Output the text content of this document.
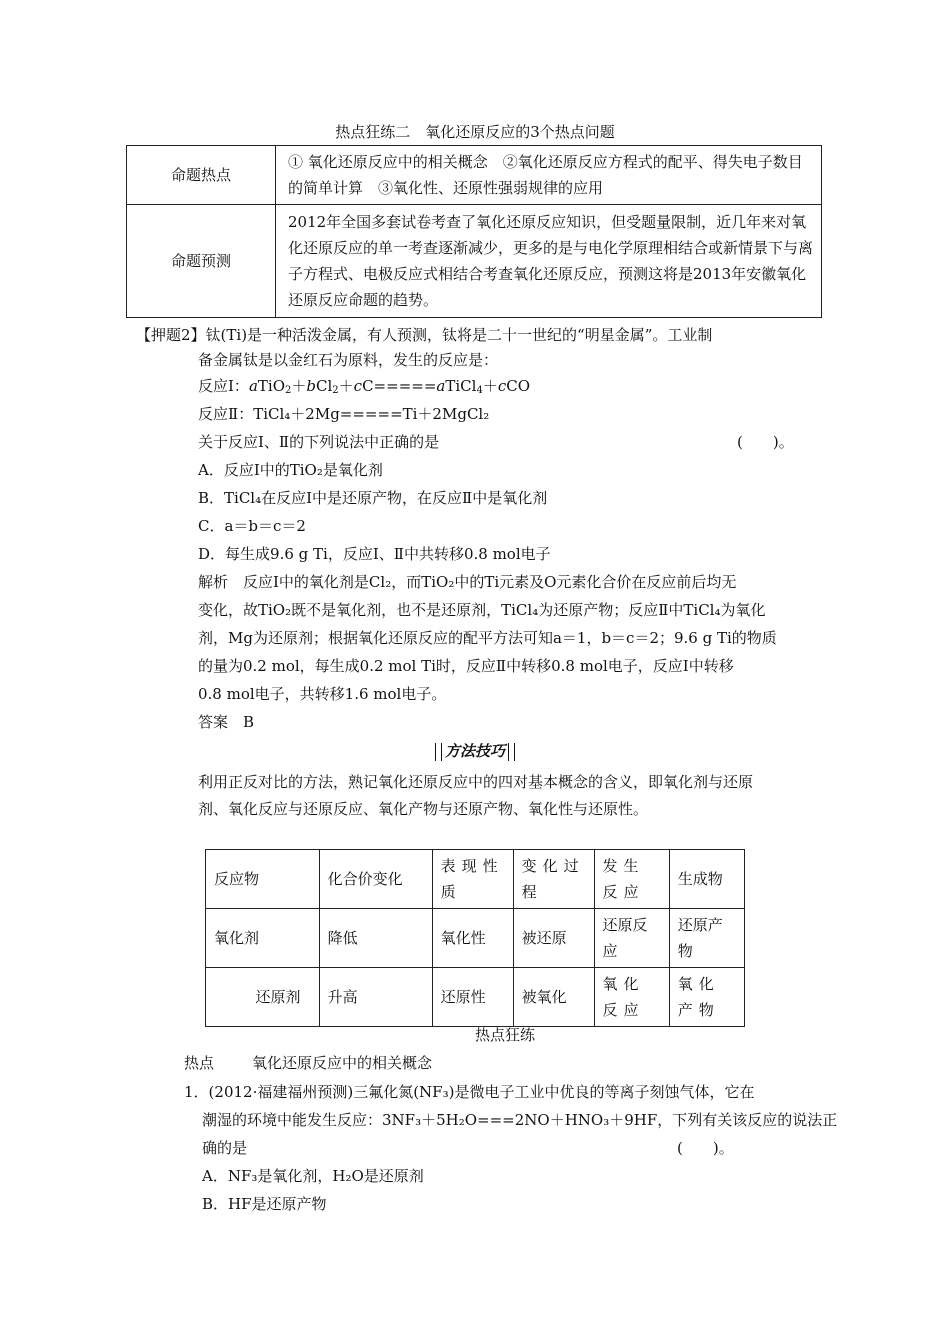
热点狂练二　氧化还原反应的3个热点问题
命题热点	① 氧化还原反应中的相关概念　②氧化还原反应方程式的配平、得失电子数目的简单计算　③氧化性、还原性强弱规律的应用
命题预测	2012年全国多套试卷考查了氧化还原反应知识，但受题量限制，近几年来对氧化还原反应的单一考查逐渐减少，更多的是与电化学原理相结合或新情景下与离子方程式、电极反应式相结合考查氧化还原反应，预测这将是2013年安徽氧化还原反应命题的趋势。
【押题2】钛(Ti)是一种活泼金属，有人预测，钛将是二十一世纪的“明星金属”。工业制
备金属钛是以金红石为原料，发生的反应是：
反应Ⅰ：aTiO$_2$＋bCl$_2$＋cC=====aTiCl$_4$＋cCO
反应Ⅱ：TiCl₄＋2Mg=====Ti＋2MgCl₂
关于反应Ⅰ、Ⅱ的下列说法中正确的是	(　　)。
A．反应Ⅰ中的TiO₂是氧化剂
B．TiCl₄在反应Ⅰ中是还原产物，在反应Ⅱ中是氧化剂
C．a＝b＝c＝2
D．每生成9.6 g Ti，反应Ⅰ、Ⅱ中共转移0.8 mol电子
解析　反应Ⅰ中的氧化剂是Cl₂，而TiO₂中的Ti元素及O元素化合价在反应前后均无
变化，故TiO₂既不是氧化剂，也不是还原剂，TiCl₄为还原产物；反应Ⅱ中TiCl₄为氧化
剂，Mg为还原剂；根据氧化还原反应的配平方法可知a＝1，b＝c＝2；9.6 g Ti的物质
的量为0.2 mol，每生成0.2 mol Ti时，反应Ⅱ中转移0.8 mol电子，反应Ⅰ中转移
0.8 mol电子，共转移1.6 mol电子。
答案　B
方法技巧
利用正反对比的方法，熟记氧化还原反应中的四对基本概念的含义，即氧化剂与还原
剂、氧化反应与还原反应、氧化产物与还原产物、氧化性与还原性。
反应物	化合价变化	表现性质	变化过程	发生反应	生成物
氧化剂	降低	氧化性	被还原	还原反应	还原产物
还原剂	升高	还原性	被氧化	氧化反应	氧化产物
热点狂练
热点	氧化还原反应中的相关概念
1．(2012·福建福州预测)三氟化氮(NF₃)是微电子工业中优良的等离子刻蚀气体，它在
潮湿的环境中能发生反应：3NF₃＋5H₂O===2NO＋HNO₃＋9HF，下列有关该反应的说法正
确的是	(　　)。
A．NF₃是氧化剂，H₂O是还原剂
B．HF是还原产物
